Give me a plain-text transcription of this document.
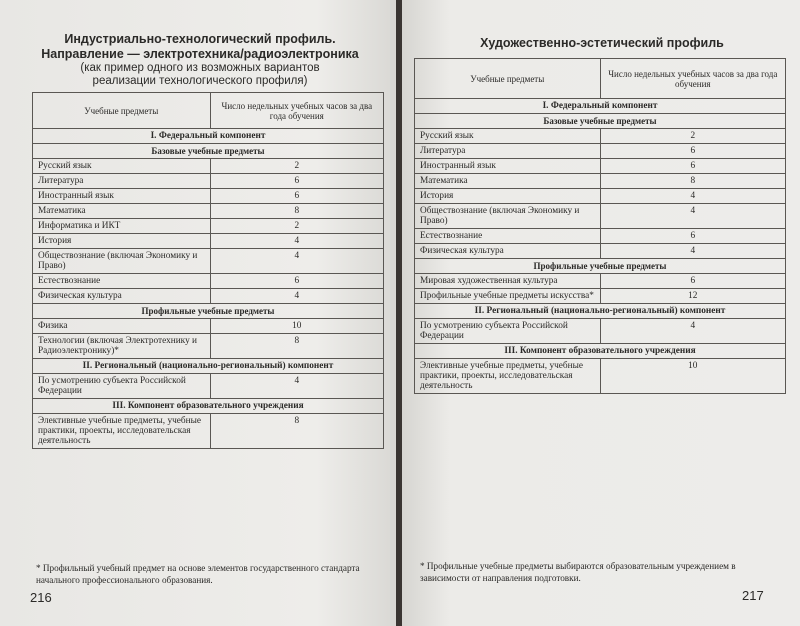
Индустриально-технологический профиль.
Направление — электротехника/радиоэлектроника
(как пример одного из возможных вариантов
реализации технологического профиля)
Учебные предметы	Число недельных учебных часов за два года обучения
I. Федеральный компонент	
Базовые учебные предметы	
Русский язык	2
Литература	6
Иностранный язык	6
Математика	8
Информатика и ИКТ	2
История	4
Обществознание (включая Экономику и Право)	4
Естествознание	6
Физическая культура	4
Профильные учебные предметы	
Физика	10
Технологии (включая Электротехнику и Радиоэлектронику)*	8
II. Региональный (национально-региональный) компонент	
По усмотрению субъекта Российской Федерации	4
III. Компонент образовательного учреждения	
Элективные учебные предметы, учебные практики, проекты, исследовательская деятельность	8
* Профильный учебный предмет на основе элементов государственного стандарта начального профессионального образования.
216
Художественно-эстетический профиль
Учебные предметы	Число недельных учебных часов за два года обучения
I. Федеральный компонент	
Базовые учебные предметы	
Русский язык	2
Литература	6
Иностранный язык	6
Математика	8
История	4
Обществознание (включая Экономику и Право)	4
Естествознание	6
Физическая культура	4
Профильные учебные предметы	
Мировая художественная культура	6
Профильные учебные предметы искусства*	12
II. Региональный (национально-региональный) компонент	
По усмотрению субъекта Российской Федерации	4
III. Компонент образовательного учреждения	
Элективные учебные предметы, учебные практики, проекты, исследовательская деятельность	10
* Профильные учебные предметы выбираются образовательным учреждением в зависимости от направления подготовки.
217
